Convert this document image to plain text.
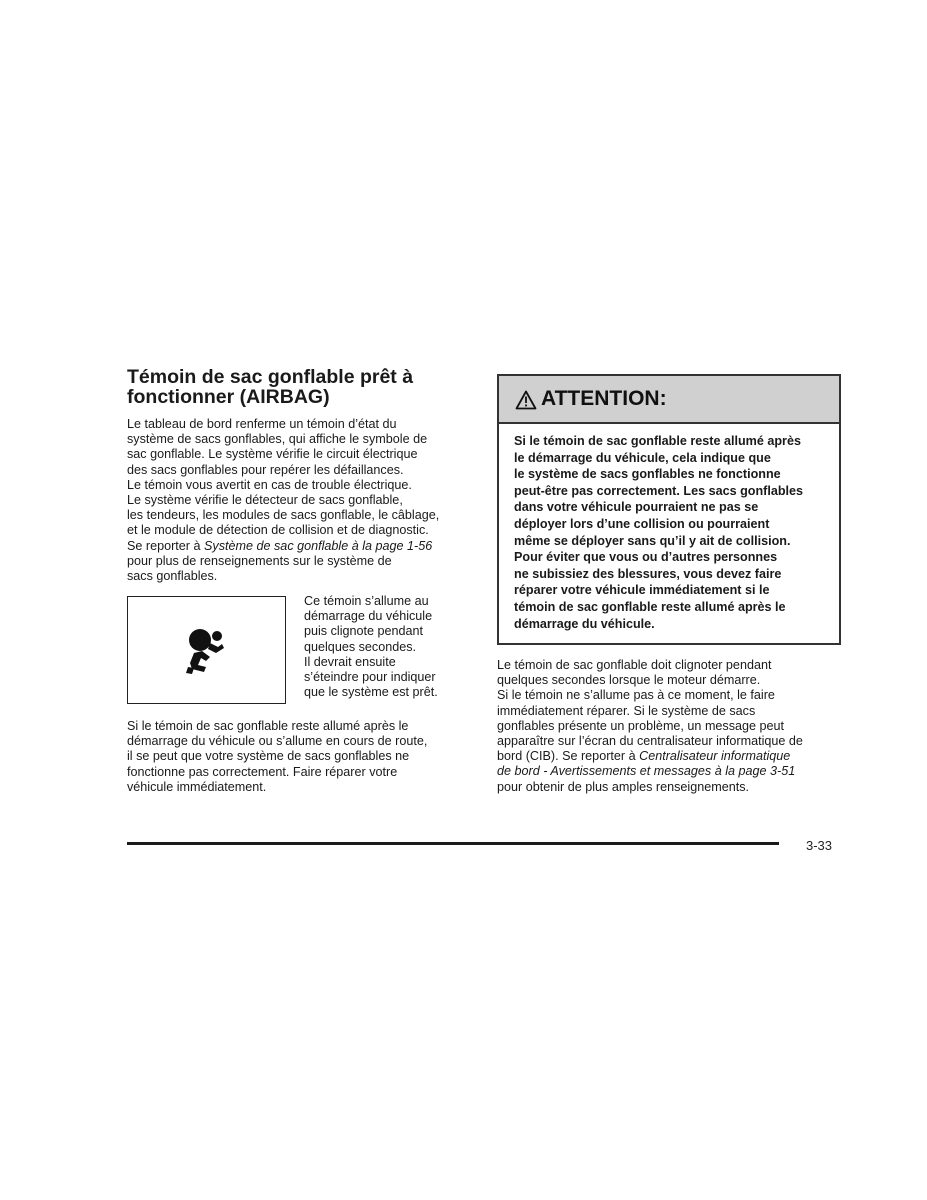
Témoin de sac gonflable prêt à
fonctionner (AIRBAG)
Le tableau de bord renferme un témoin d’état du
système de sacs gonflables, qui affiche le symbole de
sac gonflable. Le système vérifie le circuit électrique
des sacs gonflables pour repérer les défaillances.
Le témoin vous avertit en cas de trouble électrique.
Le système vérifie le détecteur de sacs gonflable,
les tendeurs, les modules de sacs gonflable, le câblage,
et le module de détection de collision et de diagnostic.
Se reporter à Système de sac gonflable à la page 1-56
pour plus de renseignements sur le système de
sacs gonflables.
Ce témoin s’allume au
démarrage du véhicule
puis clignote pendant
quelques secondes.
Il devrait ensuite
s’éteindre pour indiquer
que le système est prêt.
Si le témoin de sac gonflable reste allumé après le
démarrage du véhicule ou s’allume en cours de route,
il se peut que votre système de sacs gonflables ne
fonctionne pas correctement. Faire réparer votre
véhicule immédiatement.
ATTENTION:
Si le témoin de sac gonflable reste allumé après
le démarrage du véhicule, cela indique que
le système de sacs gonflables ne fonctionne
peut-être pas correctement. Les sacs gonflables
dans votre véhicule pourraient ne pas se
déployer lors d’une collision ou pourraient
même se déployer sans qu’il y ait de collision.
Pour éviter que vous ou d’autres personnes
ne subissiez des blessures, vous devez faire
réparer votre véhicule immédiatement si le
témoin de sac gonflable reste allumé après le
démarrage du véhicule.
Le témoin de sac gonflable doit clignoter pendant
quelques secondes lorsque le moteur démarre.
Si le témoin ne s’allume pas à ce moment, le faire
immédiatement réparer. Si le système de sacs
gonflables présente un problème, un message peut
apparaître sur l’écran du centralisateur informatique de
bord (CIB). Se reporter à Centralisateur informatique
de bord - Avertissements et messages à la page 3-51
pour obtenir de plus amples renseignements.
3-33
